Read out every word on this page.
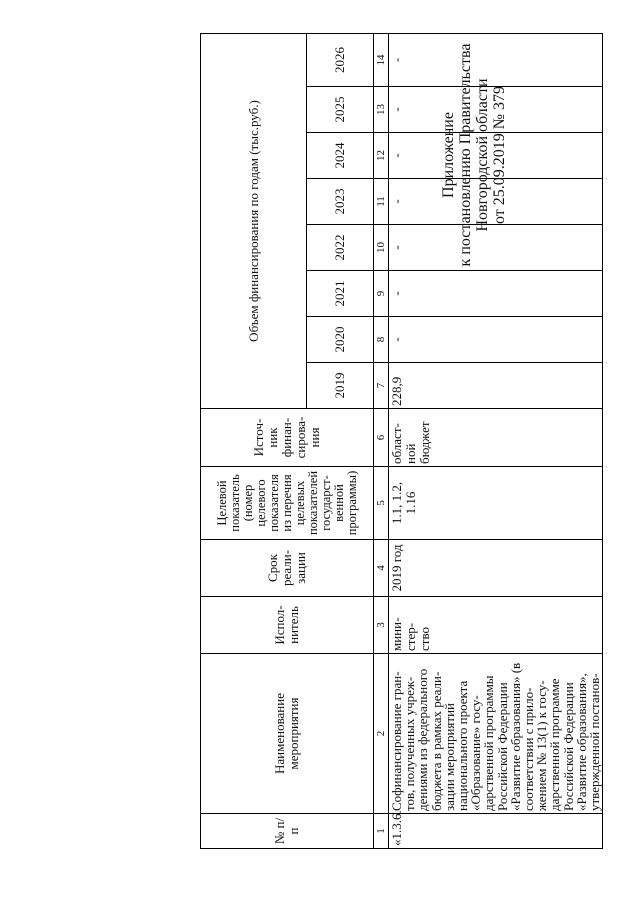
Приложение к постановлению Правительства Новгородской области от 25.09.2019 № 379
№ п/п	Наименование мероприятия	Испол-нитель	Срок реали-зации	Целевой показатель (номер целевого показателя из перечня целевых показателей государст-венной программы)	Источ-ник финан-сирова-ния	Объем финансирования по годам (тыс.руб.)							
						2019	2020	2021	2022	2023	2024	2025	2026
1	2	3	4	5	6	7	8	9	10	11	12	13	14
«1.3.6.	Софинансирование гран-тов, полученных учреж-дениями из федерального бюджета в рамках реали-зации мероприятий национального проекта «Образование» госу-дарственной программы Российской Федерации «Развитие образования» (в соответствии с прило-жением № 13(1) к госу-дарственной программе Российской Федерации «Развитие образования», утвержденной постанов-	мини-стер-ство	2019 год	1.1, 1.2, 1.16	област-ной бюджет	228,9	-	-	-	-	-	-	-
